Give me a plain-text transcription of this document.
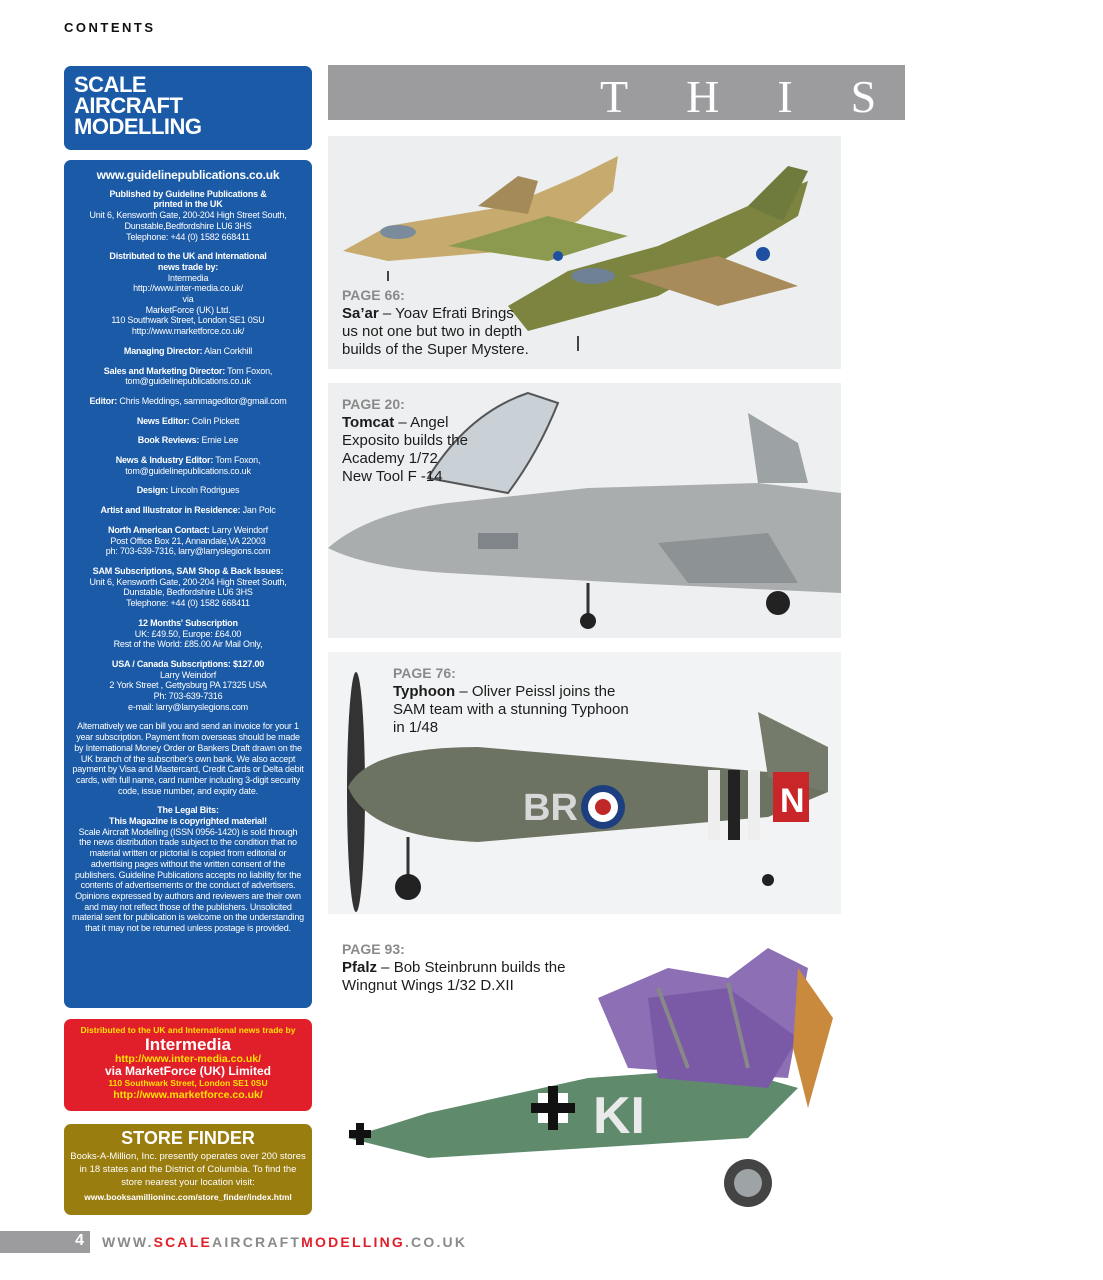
CONTENTS
SCALE
AIRCRAFT
MODELLING
www.guidelinepublications.co.uk
Published by Guideline Publications &
printed in the UK
Unit 6, Kensworth Gate, 200-204 High Street South,
Dunstable,Bedfordshire LU6 3HS
Telephone: +44 (0) 1582 668411
Distributed to the UK and International
news trade by:
Intermedia
http://www.inter-media.co.uk/
via
MarketForce (UK) Ltd.
110 Southwark Street, London SE1 0SU
http://www.marketforce.co.uk/
Managing Director: Alan Corkhill
Sales and Marketing Director: Tom Foxon,
tom@guidelinepublications.co.uk
Editor: Chris Meddings, sammageditor@gmail.com
News Editor: Colin Pickett
Book Reviews: Ernie Lee
News & Industry Editor: Tom Foxon,
tom@guidelinepublications.co.uk
Design: Lincoln Rodrigues
Artist and Illustrator in Residence: Jan Polc
North American Contact: Larry Weindorf
Post Office Box 21, Annandale,VA 22003
ph: 703-639-7316, larry@larryslegions.com
SAM Subscriptions, SAM Shop & Back Issues:
Unit 6, Kensworth Gate, 200-204 High Street South,
Dunstable, Bedfordshire LU6 3HS
Telephone: +44 (0) 1582 668411
12 Months' Subscription
UK: £49.50, Europe: £64.00
Rest of the World: £85.00 Air Mail Only,
USA / Canada Subscriptions: $127.00
Larry Weindorf
2 York Street , Gettysburg PA 17325 USA
Ph: 703-639-7316
e-mail: larry@larryslegions.com
Alternatively we can bill you and send an invoice for your 1 year subscription. Payment from overseas should be made by International Money Order or Bankers Draft drawn on the UK branch of the subscriber's own bank. We also accept payment by Visa and Mastercard, Credit Cards or Delta debit cards, with full name, card number including 3-digit security code, issue number, and expiry date.
The Legal Bits:
This Magazine is copyrighted material!
Scale Aircraft Modelling (ISSN 0956-1420) is sold through the news distribution trade subject to the condition that no material written or pictorial is copied from editorial or advertising pages without the written consent of the publishers. Guideline Publications accepts no liability for the contents of advertisements or the conduct of advertisers. Opinions expressed by authors and reviewers are their own and may not reflect those of the publishers. Unsolicited material sent for publication is welcome on the understanding that it may not be returned unless postage is provided.
Distributed to the UK and International news trade by
Intermedia
http://www.inter-media.co.uk/
via MarketForce (UK) Limited
110 Southwark Street, London SE1 0SU
http://www.marketforce.co.uk/
STORE FINDER
Books-A-Million, Inc. presently operates over 200 stores in 18 states and the District of Columbia. To find the store nearest your location visit:
www.booksamillioninc.com/store_finder/index.html
THIS M
PAGE 66:
Sa’ar – Yoav Efrati Brings us not one but two in depth builds of the Super Mystere.
PAGE 20:
Tomcat – Angel Exposito builds the Academy 1/72 New Tool F -14
BR	N
PAGE 76:
Typhoon – Oliver Peissl joins the SAM team with a stunning Typhoon in 1/48
KI
PAGE 93:
Pfalz – Bob Steinbrunn builds the Wingnut Wings 1/32 D.XII
4 WWW.SCALEAIRCRAFTMODELLING.CO.UK
